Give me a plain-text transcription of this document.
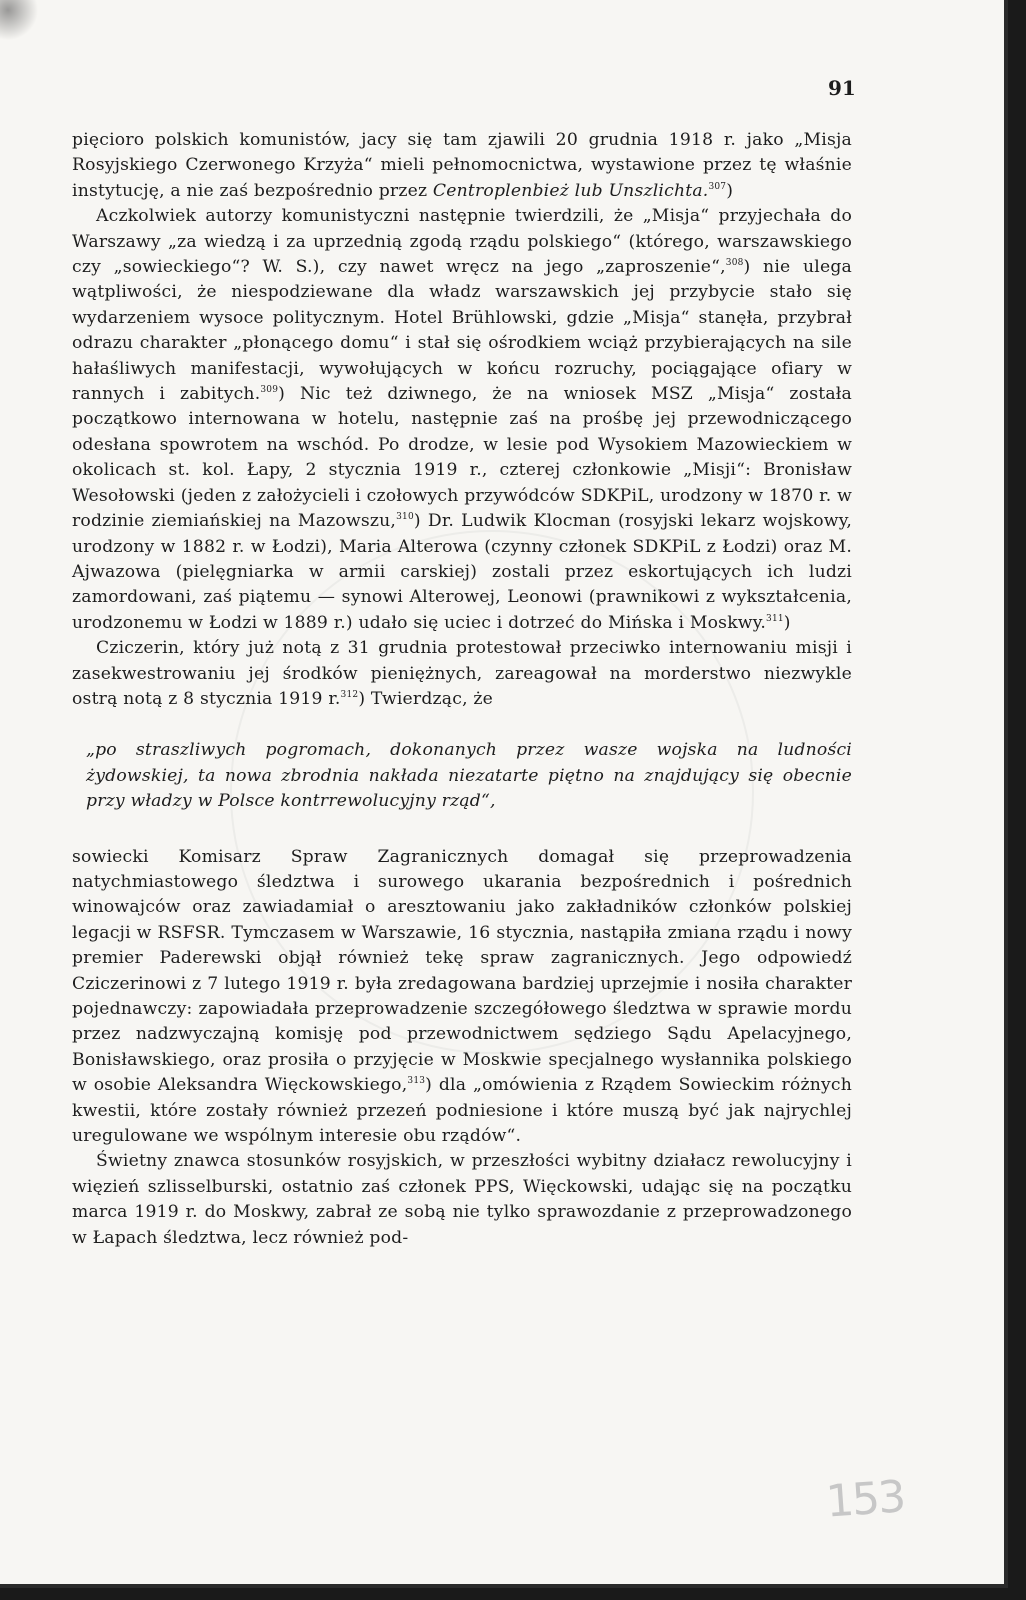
91

pięcioro polskich komunistów, jacy się tam zjawili 20 grudnia 1918 r. jako „Misja Rosyjskiego Czerwonego Krzyża“ mieli pełnomocnictwa, wystawione przez tę właśnie instytucję, a nie zaś bezpośrednio przez Centroplenbież lub Unszlichta.$^{307}$)

Aczkolwiek autorzy komunistyczni następnie twierdzili, że „Misja“ przyjechała do Warszawy „za wiedzą i za uprzednią zgodą rządu polskiego“ (którego, warszawskiego czy „sowieckiego“? W. S.), czy nawet wręcz na jego „zaproszenie“,$^{308}$) nie ulega wątpliwości, że niespodziewane dla władz warszawskich jej przybycie stało się wydarzeniem wysoce politycznym. Hotel Brühlowski, gdzie „Misja“ stanęła, przybrał odrazu charakter „płonącego domu“ i stał się ośrodkiem wciąż przybierających na sile hałaśliwych manifestacji, wywołujących w końcu rozruchy, pociągające ofiary w rannych i zabitych.$^{309}$) Nic też dziwnego, że na wniosek MSZ „Misja“ została początkowo internowana w hotelu, następnie zaś na prośbę jej przewodniczącego odesłana spowrotem na wschód. Po drodze, w lesie pod Wysokiem Mazowieckiem w okolicach st. kol. Łapy, 2 stycznia 1919 r., czterej członkowie „Misji“: Bronisław Wesołowski (jeden z założycieli i czołowych przywódców SDKPiL, urodzony w 1870 r. w rodzinie ziemiańskiej na Mazowszu,$^{310}$) Dr. Ludwik Klocman (rosyjski lekarz wojskowy, urodzony w 1882 r. w Łodzi), Maria Alterowa (czynny członek SDKPiL z Łodzi) oraz M. Ajwazowa (pielęgniarka w armii carskiej) zostali przez eskortujących ich ludzi zamordowani, zaś piątemu — synowi Alterowej, Leonowi (prawnikowi z wykształcenia, urodzonemu w Łodzi w 1889 r.) udało się uciec i dotrzeć do Mińska i Moskwy.$^{311}$)

Cziczerin, który już notą z 31 grudnia protestował przeciwko internowaniu misji i zasekwestrowaniu jej środków pieniężnych, zareagował na morderstwo niezwykle ostrą notą z 8 stycznia 1919 r.$^{312}$) Twierdząc, że

„po straszliwych pogromach, dokonanych przez wasze wojska na ludności żydowskiej, ta nowa zbrodnia nakłada niezatarte piętno na znajdujący się obecnie przy władzy w Polsce kontrrewolucyjny rząd“,

sowiecki Komisarz Spraw Zagranicznych domagał się przeprowadzenia natychmiastowego śledztwa i surowego ukarania bezpośrednich i pośrednich winowajców oraz zawiadamiał o aresztowaniu jako zakładników członków polskiej legacji w RSFSR. Tymczasem w Warszawie, 16 stycznia, nastąpiła zmiana rządu i nowy premier Paderewski objął również tekę spraw zagranicznych. Jego odpowiedź Cziczerinowi z 7 lutego 1919 r. była zredagowana bardziej uprzejmie i nosiła charakter pojednawczy: zapowiadała przeprowadzenie szczegółowego śledztwa w sprawie mordu przez nadzwyczajną komisję pod przewodnictwem sędziego Sądu Apelacyjnego, Bonisławskiego, oraz prosiła o przyjęcie w Moskwie specjalnego wysłannika polskiego w osobie Aleksandra Więckowskiego,$^{313}$) dla „omówienia z Rządem Sowieckim różnych kwestii, które zostały również przezeń podniesione i które muszą być jak najrychlej uregulowane we wspólnym interesie obu rządów“.

Świetny znawca stosunków rosyjskich, w przeszłości wybitny działacz rewolucyjny i więzień szlisselburski, ostatnio zaś członek PPS, Więckowski, udając się na początku marca 1919 r. do Moskwy, zabrał ze sobą nie tylko sprawozdanie z przeprowadzonego w Łapach śledztwa, lecz również pod-

153
